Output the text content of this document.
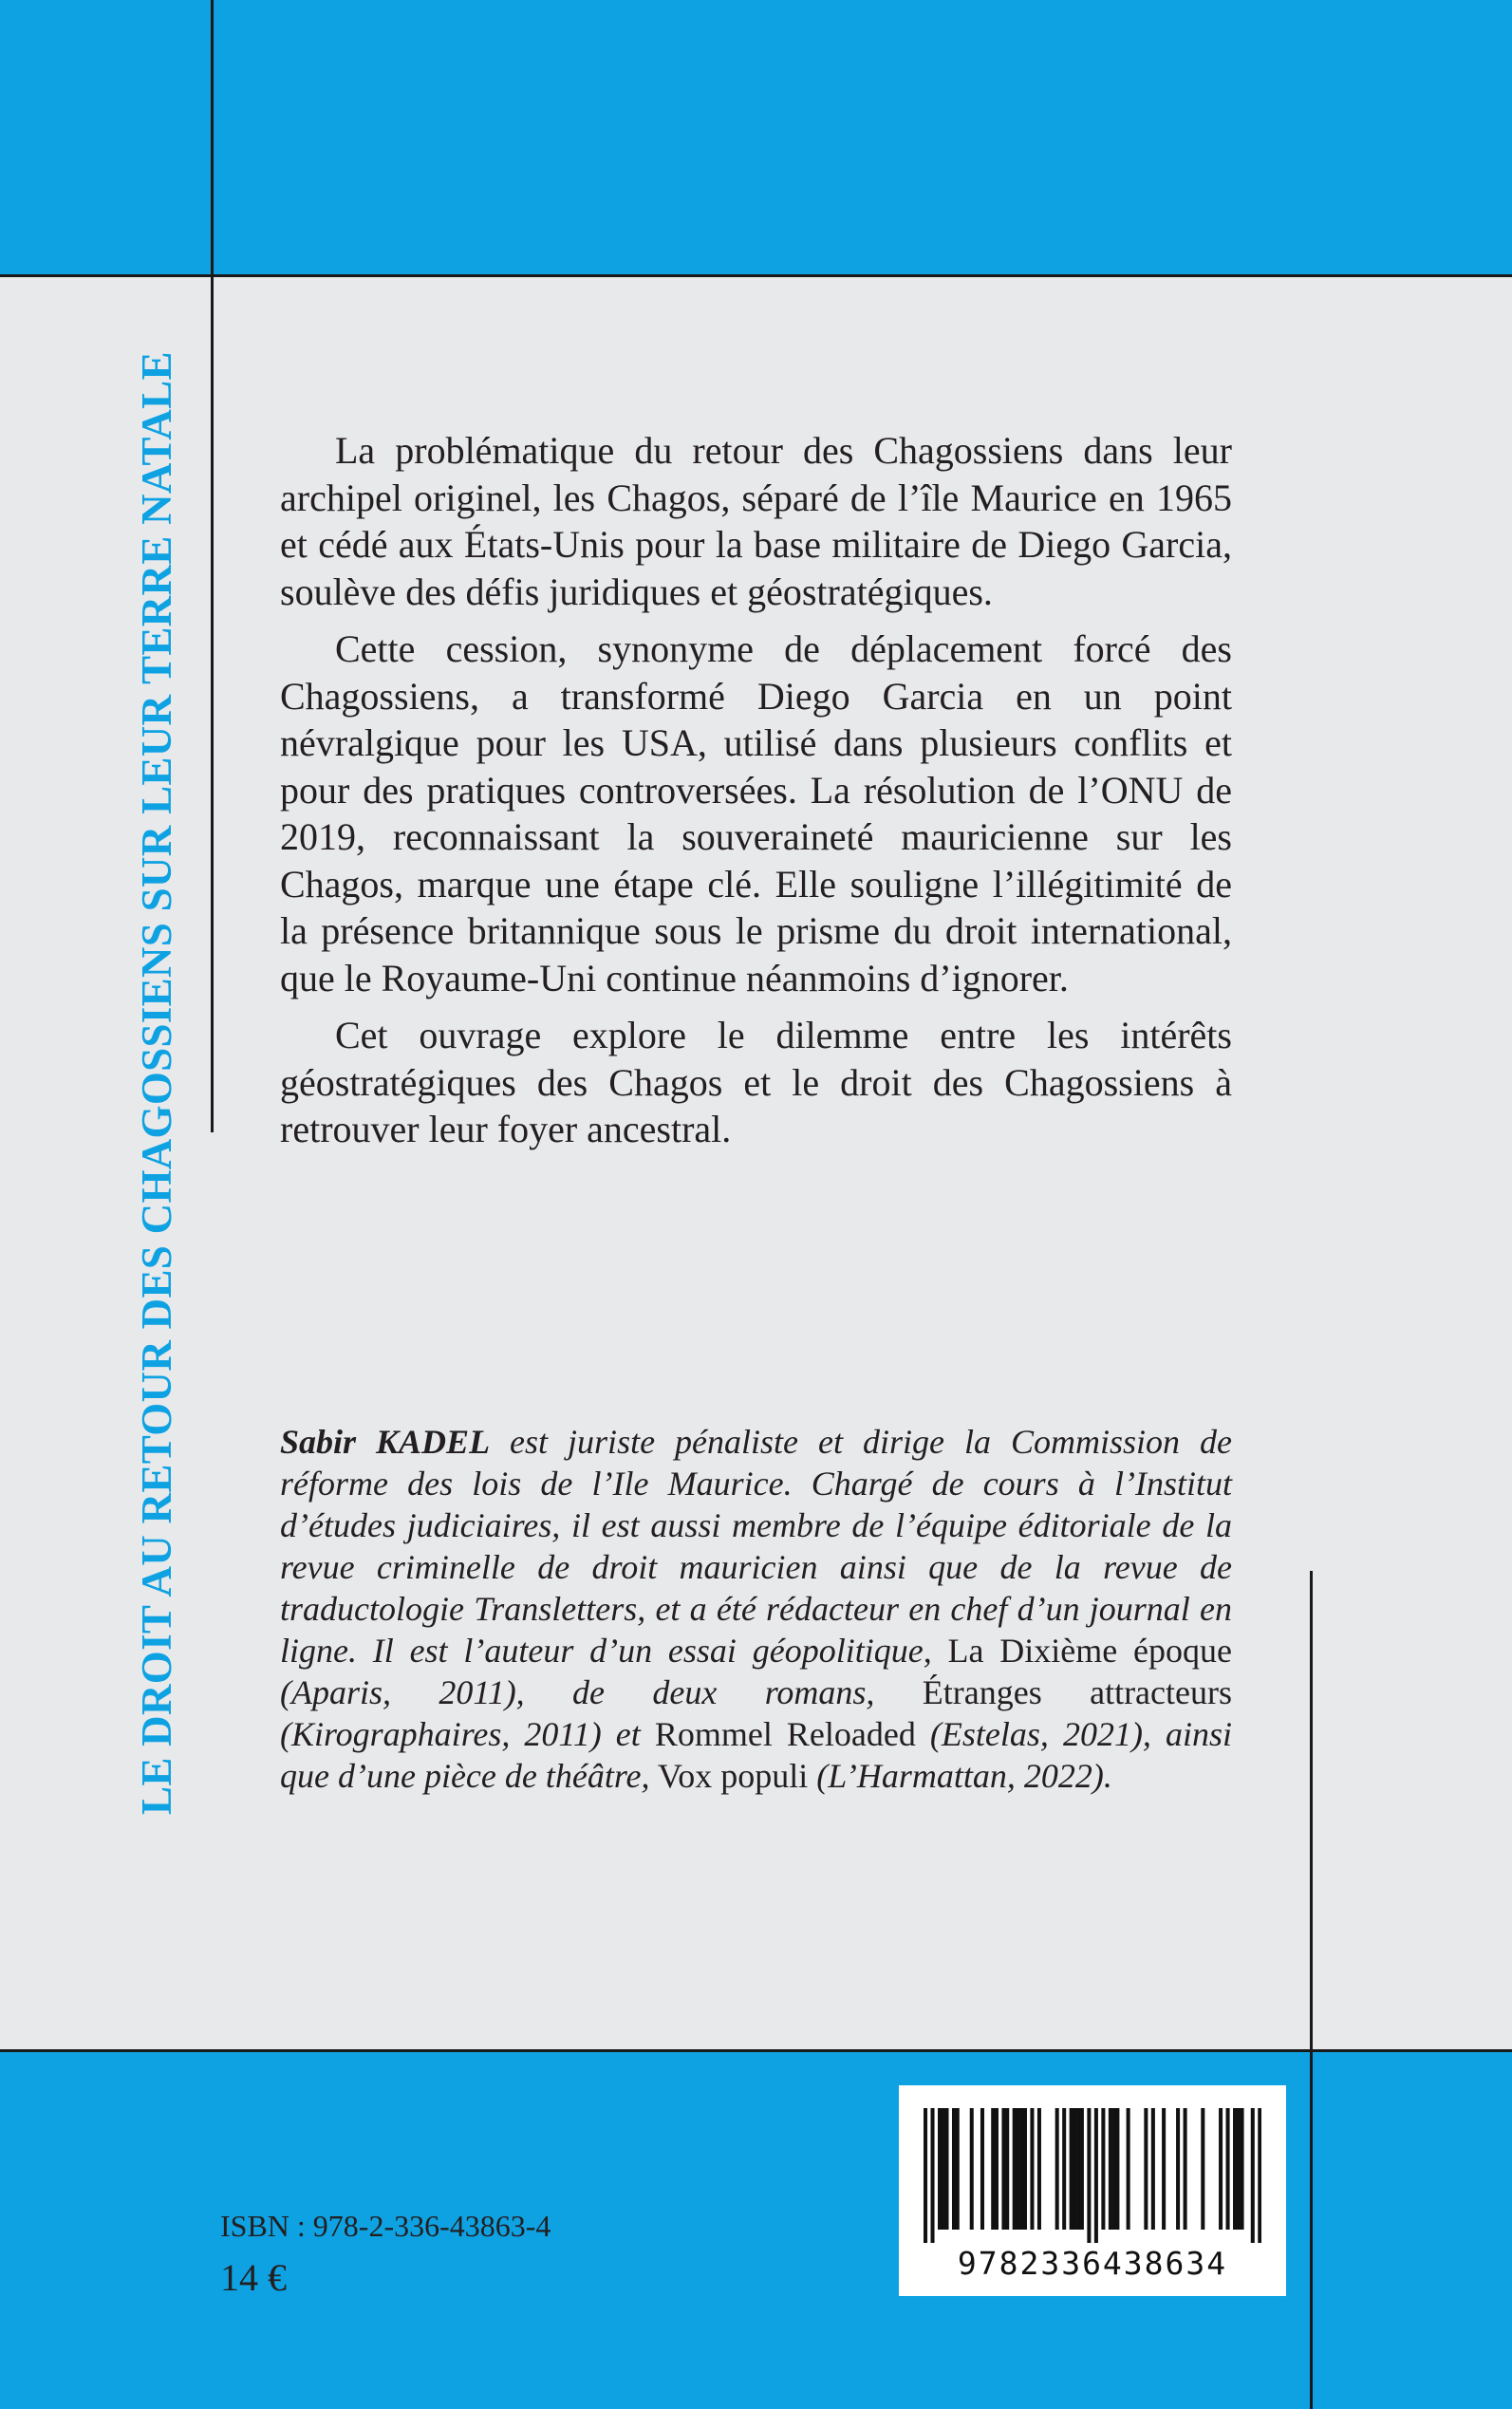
LE DROIT AU RETOUR DES CHAGOSSIENS SUR LEUR TERRE NATALE	La problématique du retour des Chagossiens dans leur archipel originel, les Chagos, séparé de l’île Maurice en 1965 et cédé aux États-Unis pour la base militaire de Diego Garcia, soulève des défis juridiques et géostratégiques.

Cette cession, synonyme de déplacement forcé des Chagossiens, a transformé Diego Garcia en un point névralgique pour les USA, utilisé dans plusieurs conflits et pour des pratiques controversées. La résolution de l’ONU de 2019, reconnaissant la souveraineté mauricienne sur les Chagos, marque une étape clé. Elle souligne l’illégitimité de la présence britannique sous le prisme du droit international, que le Royaume-Uni continue néanmoins d’ignorer.

Cet ouvrage explore le dilemme entre les intérêts géostratégiques des Chagos et le droit des Chagossiens à retrouver leur foyer ancestral.

Sabir KADEL est juriste pénaliste et dirige la Commission de réforme des lois de l’Ile Maurice. Chargé de cours à l’Institut d’études judiciaires, il est aussi membre de l’équipe éditoriale de la revue criminelle de droit mauricien ainsi que de la revue de traductologie Transletters, et a été rédacteur en chef d’un journal en ligne. Il est l’auteur d’un essai géopolitique, La Dixième époque (Aparis, 2011), de deux romans, Étranges attracteurs (Kirographaires, 2011) et Rommel Reloaded (Estelas, 2021), ainsi que d’une pièce de théâtre, Vox populi (L’Harmattan, 2022).

ISBN : 978-2-336-43863-4
14 €	9782336438634
